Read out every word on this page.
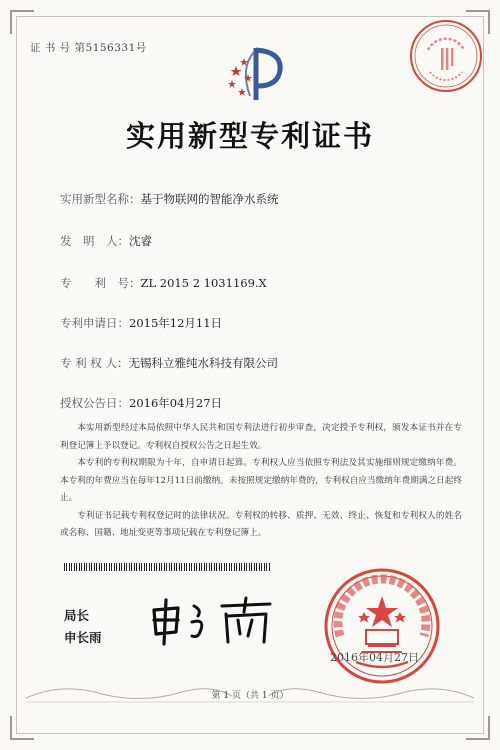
证 书 号 第5156331号
实用新型专利证书
实用新型名称：基于物联网的智能净水系统
发　明　人：沈睿
专　　利　号：ZL 2015 2 1031169.X
专利申请日：2015年12月11日
专 利 权 人：无锡科立雅纯水科技有限公司
授权公告日：2016年04月27日

本实用新型经过本局依照中华人民共和国专利法进行初步审查，决定授予专利权，颁发本证书并在专利登记簿上予以登记。专利权自授权公告之日起生效。

本专利的专利权期限为十年，自申请日起算。专利权人应当依照专利法及其实施细则规定缴纳年费。本专利的年费应当在每年12月11日前缴纳。未按照规定缴纳年费的，专利权自应当缴纳年费期满之日起终止。

专利证书记载专利权登记时的法律状况。专利权的转移、质押、无效、终止、恢复和专利权人的姓名或名称、国籍、地址变更等事项记载在专利登记簿上。

局长
申长雨
2016年04月27日
第 1 页（共 1 页）
